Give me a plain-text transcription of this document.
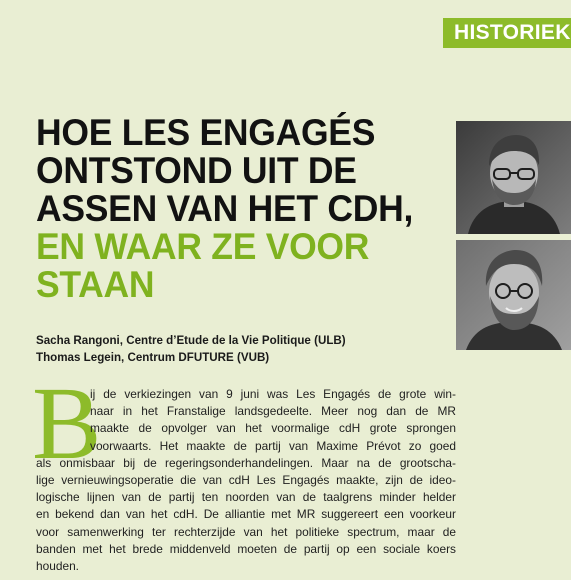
HISTORIEK
HOE LES ENGAGÉS
ONTSTOND UIT DE
ASSEN VAN HET CDH,
EN WAAR ZE VOOR
STAAN
Sacha Rangoni, Centre d’Etude de la Vie Politique (ULB)
Thomas Legein, Centrum DFUTURE (VUB)
B
ij de verkiezingen van 9 juni was Les Engagés de grote win-
naar in het Franstalige landsgedeelte. Meer nog dan de MR
maakte de opvolger van het voormalige cdH grote sprongen
voorwaarts. Het maakte de partij van Maxime Prévot zo goed
als onmisbaar bij de regeringsonderhandelingen. Maar na de grootscha-
lige vernieuwingsoperatie die van cdH Les Engagés maakte, zijn de ideo-
logische lijnen van de partij ten noorden van de taalgrens minder helder
en bekend dan van het cdH. De alliantie met MR suggereert een voorkeur
voor samenwerking ter rechterzijde van het politieke spectrum, maar de
banden met het brede middenveld moeten de partij op een sociale koers
houden.
